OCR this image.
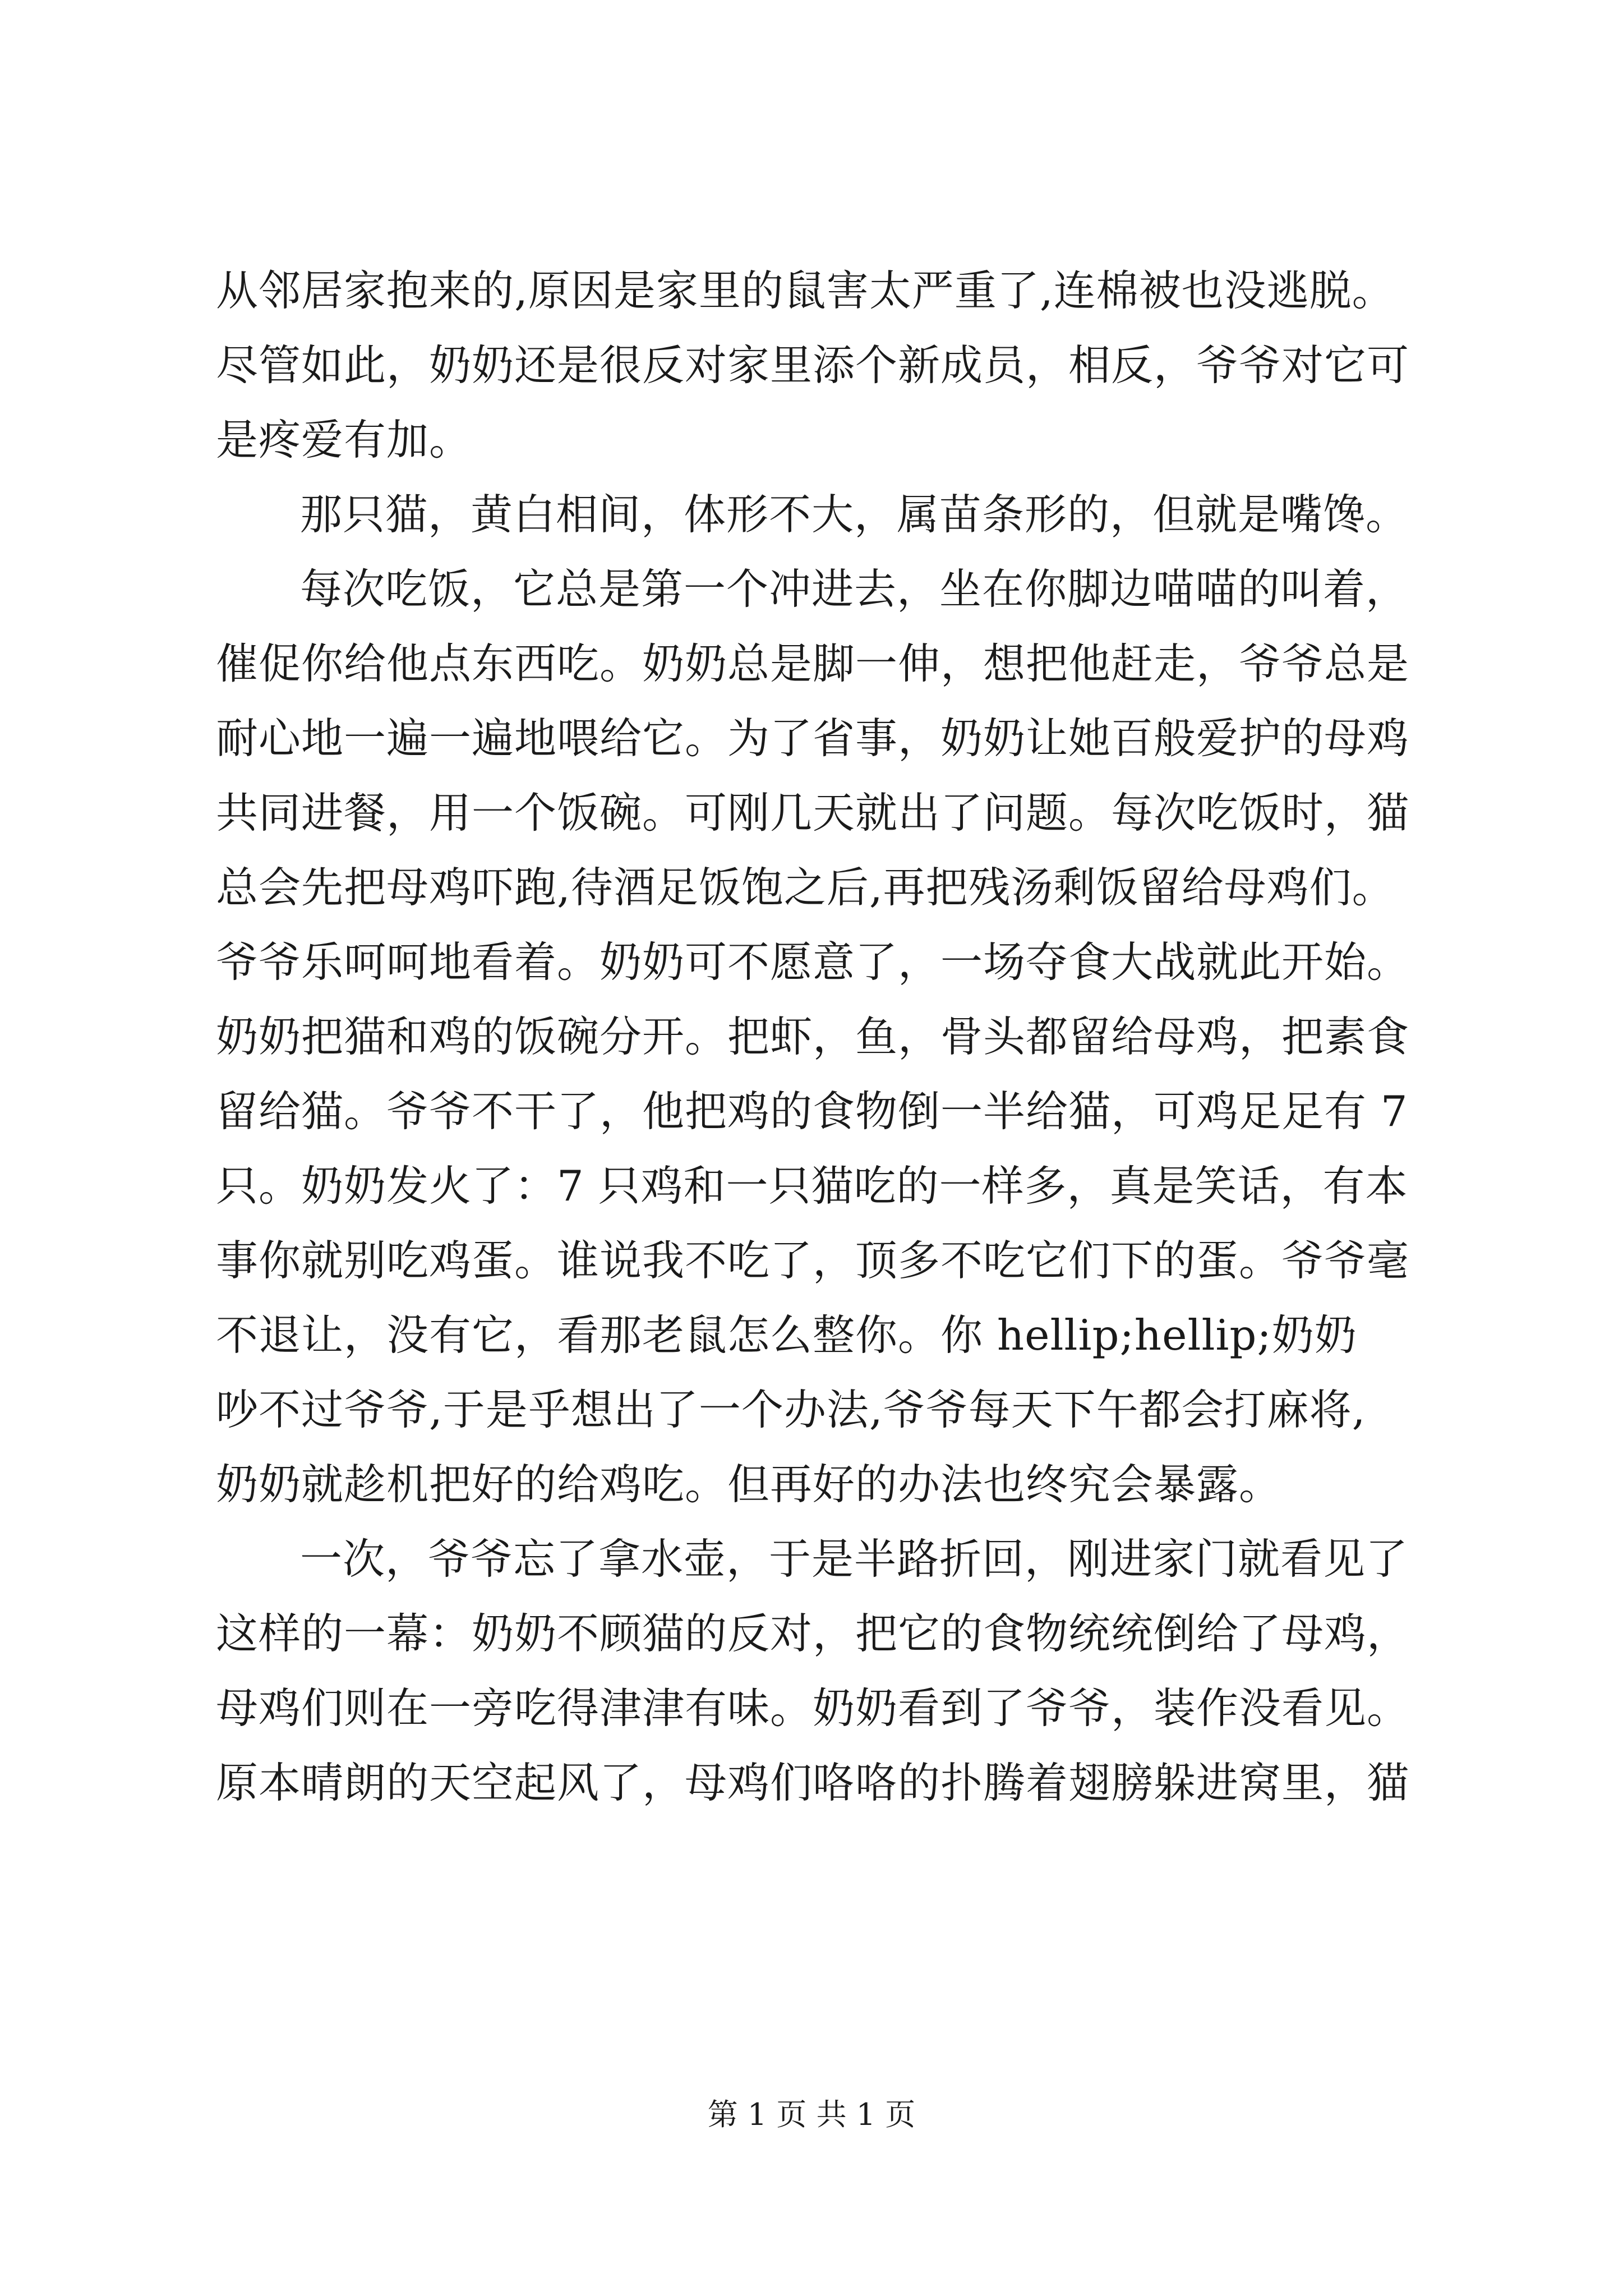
从邻居家抱来的,原因是家里的鼠害太严重了,连棉被也没逃脱。
尽管如此，奶奶还是很反对家里添个新成员，相反，爷爷对它可
是疼爱有加。
那只猫，黄白相间，体形不大，属苗条形的，但就是嘴馋。
每次吃饭，它总是第一个冲进去，坐在你脚边喵喵的叫着，
催促你给他点东西吃。奶奶总是脚一伸，想把他赶走，爷爷总是
耐心地一遍一遍地喂给它。为了省事，奶奶让她百般爱护的母鸡
共同进餐，用一个饭碗。可刚几天就出了问题。每次吃饭时，猫
总会先把母鸡吓跑,待酒足饭饱之后,再把残汤剩饭留给母鸡们。
爷爷乐呵呵地看着。奶奶可不愿意了，一场夺食大战就此开始。
奶奶把猫和鸡的饭碗分开。把虾，鱼，骨头都留给母鸡，把素食
留给猫。爷爷不干了，他把鸡的食物倒一半给猫，可鸡足足有 7
只。奶奶发火了：7 只鸡和一只猫吃的一样多，真是笑话，有本
事你就别吃鸡蛋。谁说我不吃了，顶多不吃它们下的蛋。爷爷毫
不退让，没有它，看那老鼠怎么整你。你 hellip;hellip;奶奶
吵不过爷爷,于是乎想出了一个办法,爷爷每天下午都会打麻将,
奶奶就趁机把好的给鸡吃。但再好的办法也终究会暴露。
一次，爷爷忘了拿水壶，于是半路折回，刚进家门就看见了
这样的一幕：奶奶不顾猫的反对，把它的食物统统倒给了母鸡，
母鸡们则在一旁吃得津津有味。奶奶看到了爷爷，装作没看见。
原本晴朗的天空起风了，母鸡们咯咯的扑腾着翅膀躲进窝里，猫
第 1 页 共 1 页
